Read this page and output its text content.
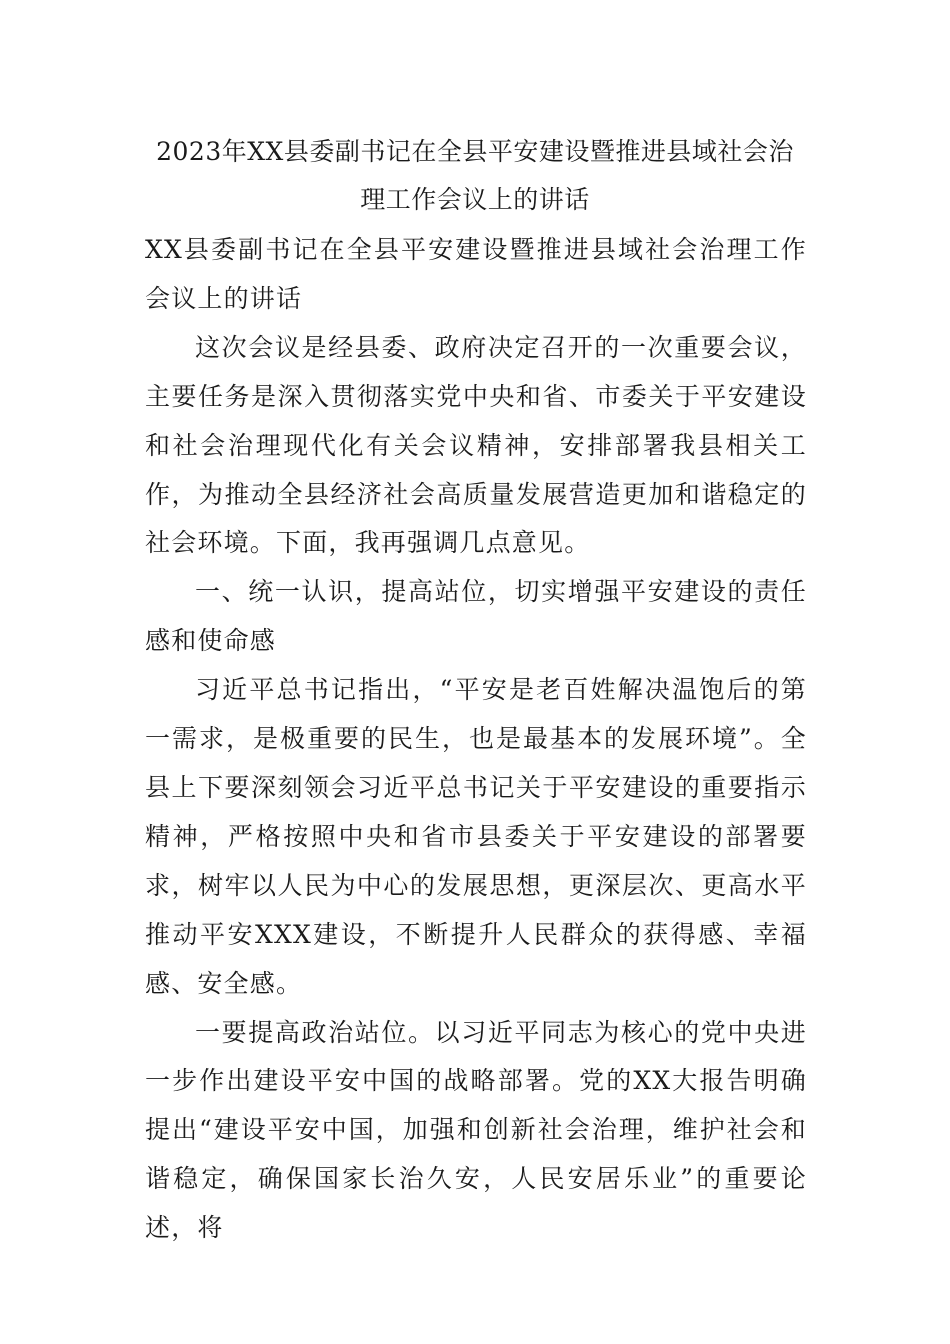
2023年XX县委副书记在全县平安建设暨推进县域社会治理工作会议上的讲话

XX县委副书记在全县平安建设暨推进县域社会治理工作会议上的讲话

这次会议是经县委、政府决定召开的一次重要会议，主要任务是深入贯彻落实党中央和省、市委关于平安建设和社会治理现代化有关会议精神，安排部署我县相关工作，为推动全县经济社会高质量发展营造更加和谐稳定的社会环境。下面，我再强调几点意见。

一、统一认识，提高站位，切实增强平安建设的责任感和使命感

习近平总书记指出，“平安是老百姓解决温饱后的第一需求，是极重要的民生，也是最基本的发展环境”。全县上下要深刻领会习近平总书记关于平安建设的重要指示精神，严格按照中央和省市县委关于平安建设的部署要求，树牢以人民为中心的发展思想，更深层次、更高水平推动平安XXX建设，不断提升人民群众的获得感、幸福感、安全感。

一要提高政治站位。以习近平同志为核心的党中央进一步作出建设平安中国的战略部署。党的XX大报告明确提出“建设平安中国，加强和创新社会治理，维护社会和谐稳定，确保国家长治久安，人民安居乐业”的重要论述，将
